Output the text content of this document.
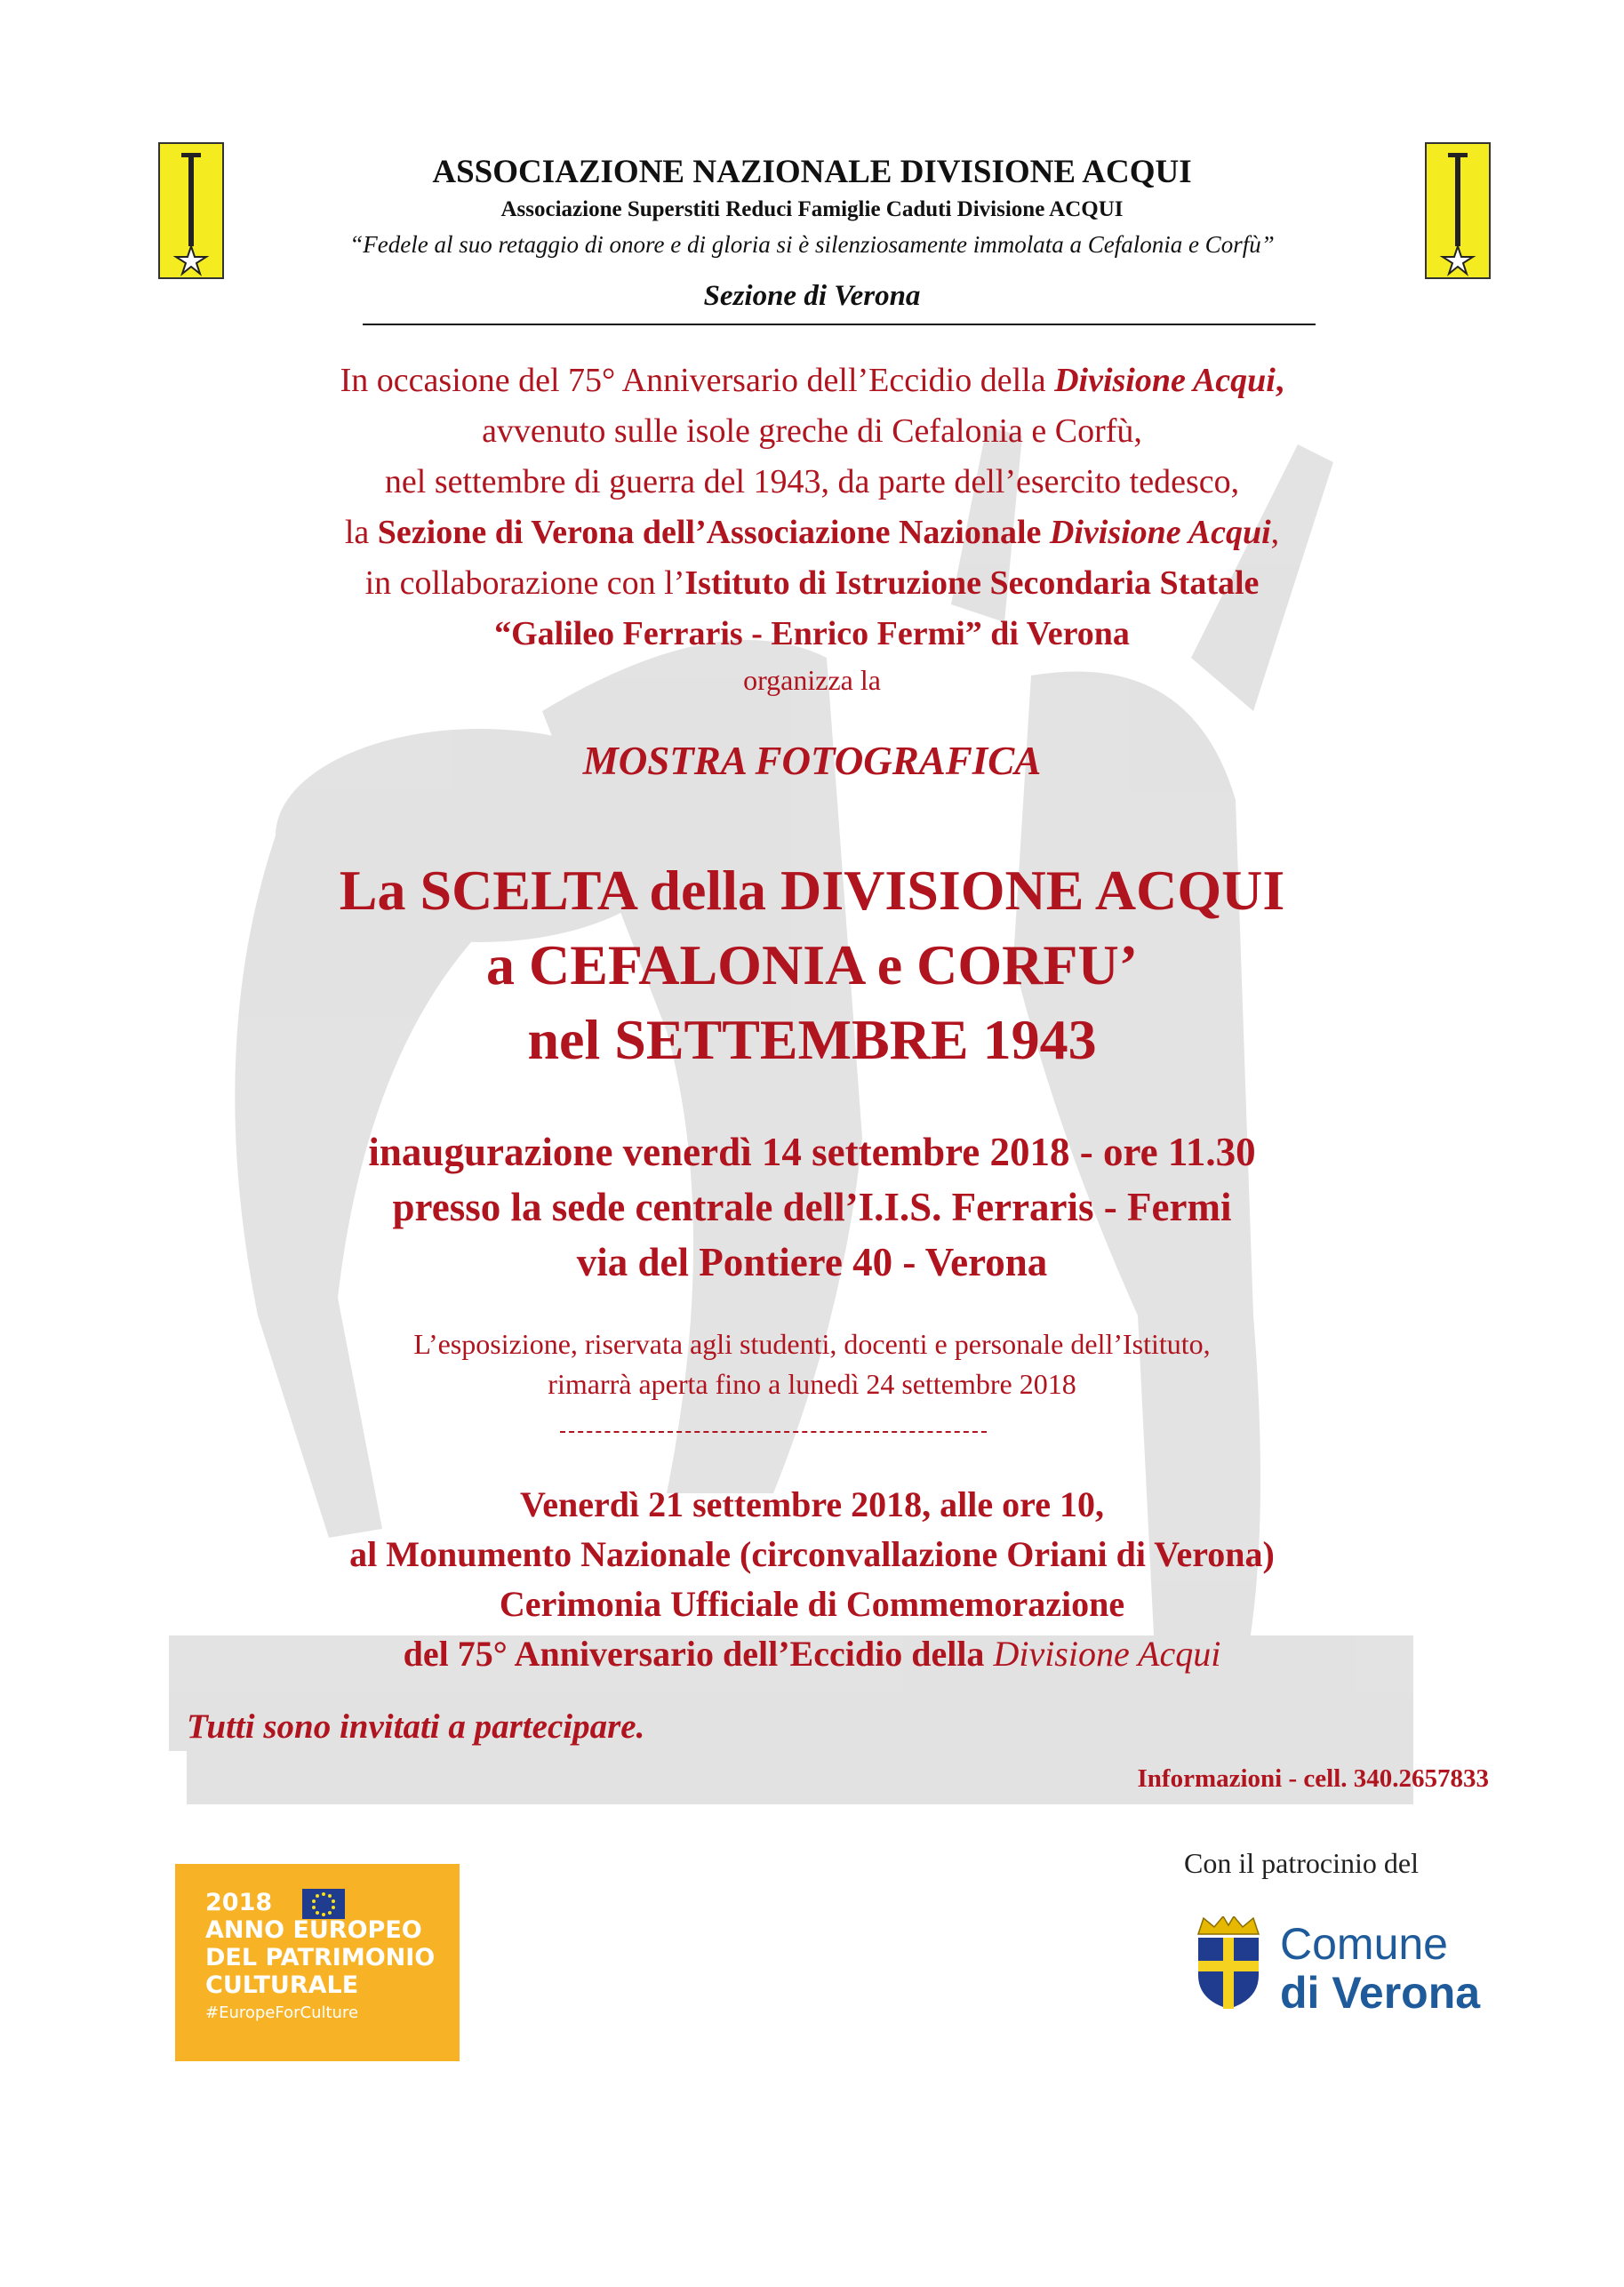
ASSOCIAZIONE NAZIONALE DIVISIONE ACQUI
Associazione Superstiti Reduci Famiglie Caduti Divisione ACQUI
“Fedele al suo retaggio di onore e di gloria si è silenziosamente immolata a Cefalonia e Corfù”
Sezione di Verona
In occasione del 75° Anniversario dell’Eccidio della Divisione Acqui,
avvenuto sulle isole greche di Cefalonia e Corfù,
nel settembre di guerra del 1943, da parte dell’esercito tedesco,
la Sezione di Verona dell’Associazione Nazionale Divisione Acqui,
in collaborazione con l’Istituto di Istruzione Secondaria Statale
“Galileo Ferraris - Enrico Fermi” di Verona
organizza la
MOSTRA FOTOGRAFICA
La SCELTA della DIVISIONE ACQUI
a CEFALONIA e CORFU’
nel SETTEMBRE 1943
inaugurazione venerdì 14 settembre 2018 - ore 11.30
presso la sede centrale dell’I.I.S. Ferraris - Fermi
via del Pontiere 40 - Verona
L’esposizione, riservata agli studenti, docenti e personale dell’Istituto,
rimarrà aperta fino a lunedì 24 settembre 2018
Venerdì 21 settembre 2018, alle ore 10,
al Monumento Nazionale (circonvallazione Oriani di Verona)
Cerimonia Ufficiale di Commemorazione
del 75° Anniversario dell’Eccidio della Divisione Acqui
Tutti sono invitati a partecipare.
Informazioni - cell. 340.2657833
Con il patrocinio del
2018
ANNO EUROPEO
DEL PATRIMONIO
CULTURALE
#EuropeForCulture
Comune
di Verona
